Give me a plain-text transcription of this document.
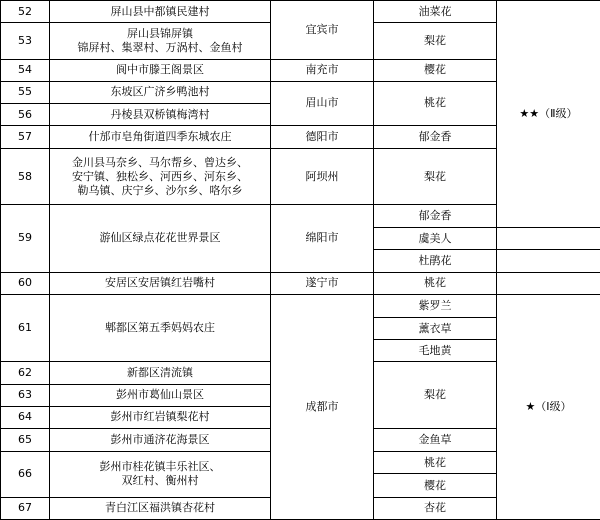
52	屏山县中都镇民建村	宜宾市	油菜花	★★（Ⅱ级）
53	屏山县锦屏镇
锦屏村、集翠村、万涡村、金鱼村		梨花	
54	阆中市滕王阁景区	南充市	樱花	
55	东坡区广济乡鸭池村	眉山市	桃花	
56	丹棱县双桥镇梅湾村			
57	什邡市皂角街道四季东城农庄	德阳市	郁金香	
58	金川县马奈乡、马尔帮乡、曾达乡、
安宁镇、独松乡、河西乡、河东乡、
勒乌镇、庆宁乡、沙尔乡、咯尔乡	阿坝州	梨花	
59	游仙区绿点花花世界景区	绵阳市	郁金香	
			虞美人	
			杜鹃花	
60	安居区安居镇红岩嘴村	遂宁市	桃花	
61	郫都区第五季妈妈农庄	成都市	紫罗兰	★（Ⅰ级）
			薰衣草	
			毛地黄	
62	新都区清流镇		梨花	
63	彭州市葛仙山景区			
64	彭州市红岩镇梨花村			
65	彭州市通济花海景区		金鱼草	
66	彭州市桂花镇丰乐社区、
双红村、衡州村		桃花	
			樱花	
67	青白江区福洪镇杏花村		杏花	
